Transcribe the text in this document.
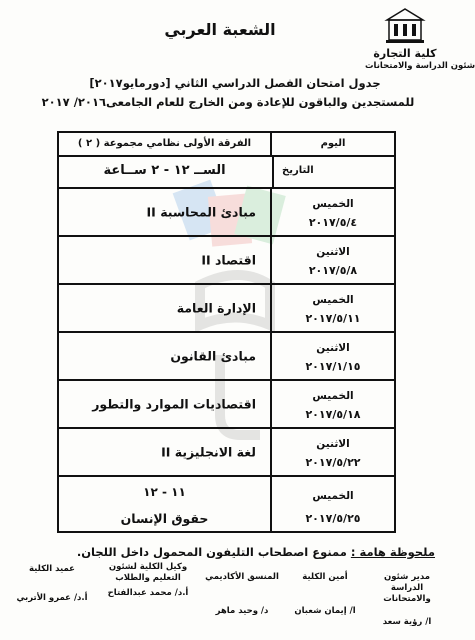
كلية التجارة
شئون الدراسة والامتحانات
الشعبة العربي
جدول امتحان الفصل الدراسي الثاني [دورمايو٢٠١٧]
للمستجدين والباقون للإعادة ومن الخارج للعام الجامعى٢٠١٦/ ٢٠١٧
اليوم
الفرقة الأولى نظامي مجموعة ( ٢ )
التاريخ
الســ ١٢ - ٢ ســاعة
الخميس
٢٠١٧/٥/٤
مبادئ المحاسبة II
الاثنين
٢٠١٧/٥/٨
اقتصاد II
الخميس
٢٠١٧/٥/١١
الإدارة العامة
الاثنين
٢٠١٧/١/١٥
مبادئ القانون
الخميس
٢٠١٧/٥/١٨
اقتصاديات الموارد والتطور
الاثنين
٢٠١٧/٥/٢٢
لغة الانجليزية II
الخميس
٢٠١٧/٥/٢٥
١١ - ١٢
حقوق الإنسان
ملحوظة هامة : ممنوع اصطحاب التليفون المحمول داخل اللجان.
مدير شئون الدراسة والامتحانات
ا/ رؤية سعد
أمين الكلية
ا/ إيمان شعبان
المنسق الأكاديمي
د/ وحيد ماهر
وكيل الكلية لشئون التعليم والطلاب
أ.د/ محمد عبدالفتاح
عميد الكلية
أ.د/ عمرو الأتربي
